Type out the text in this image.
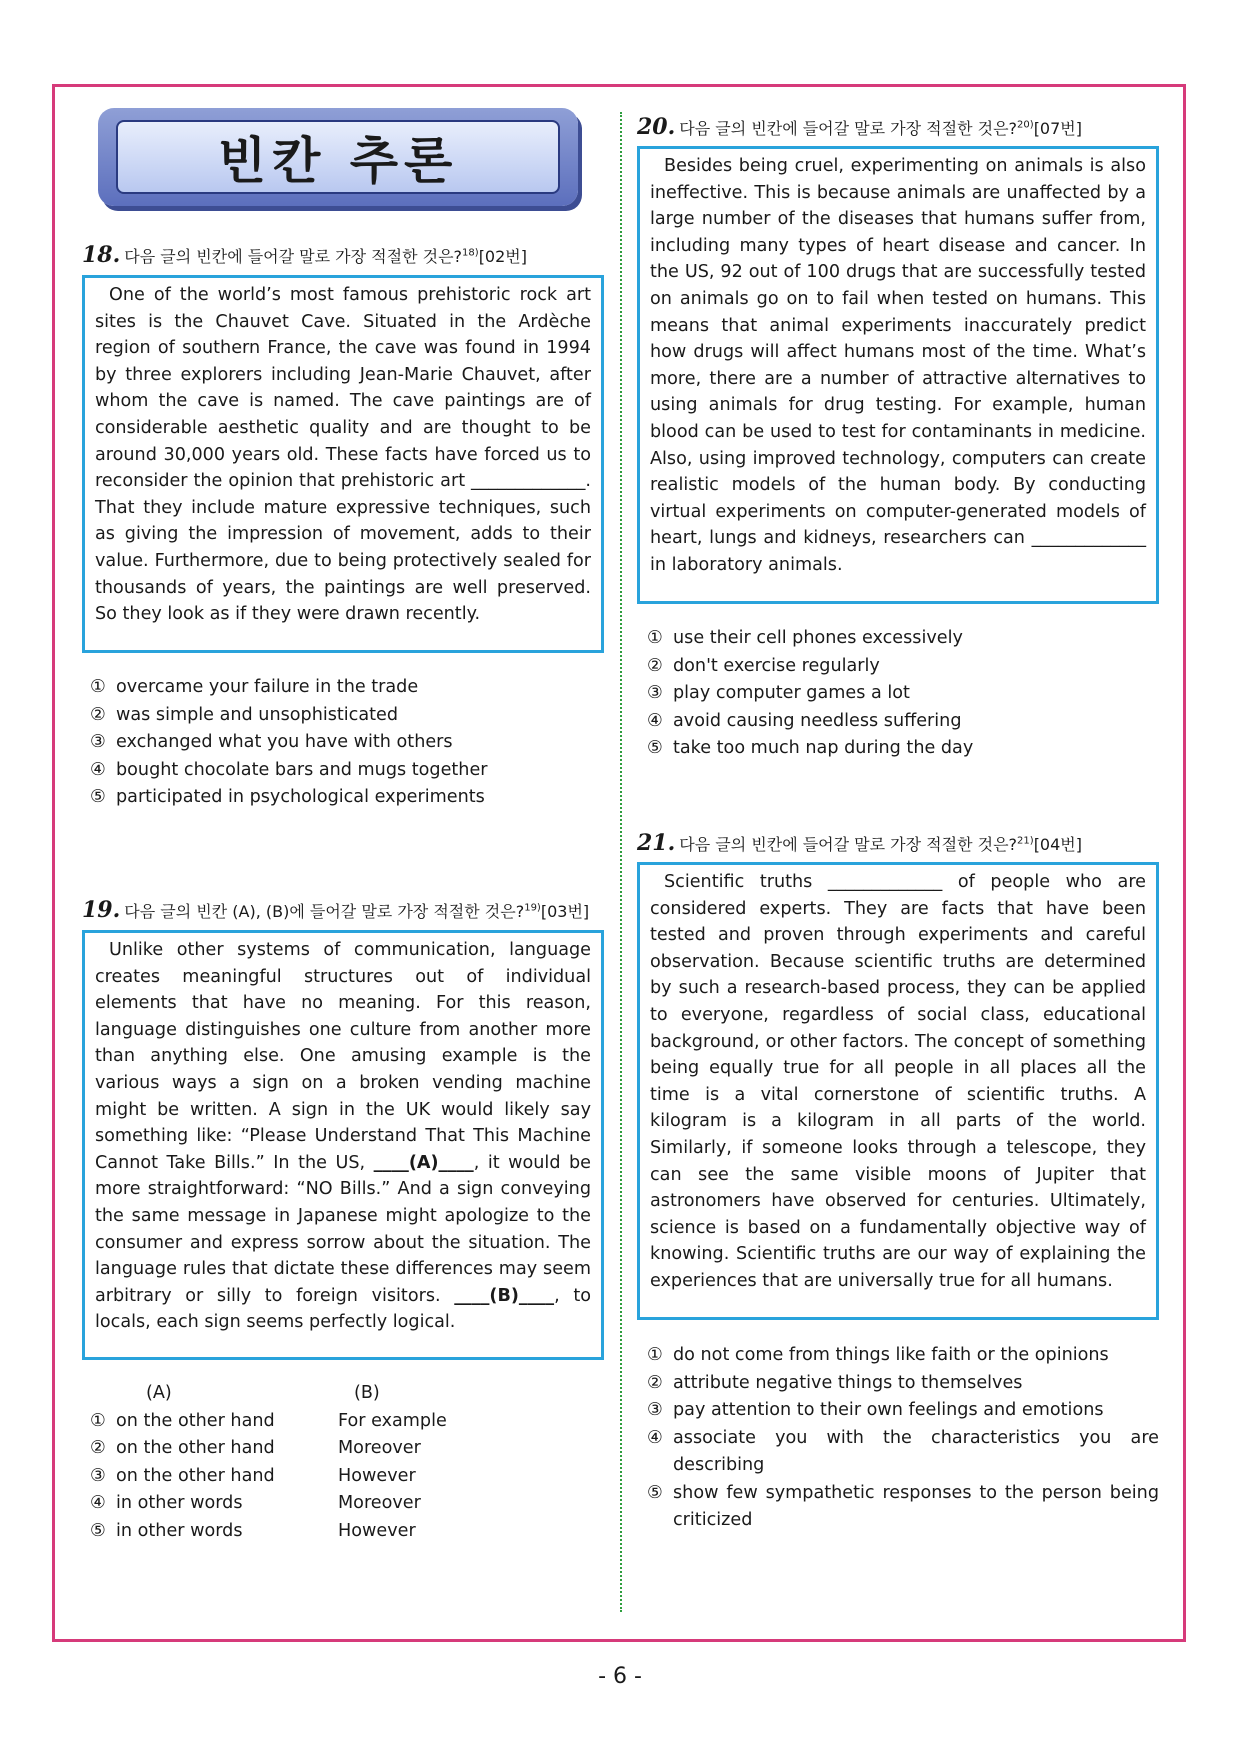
빈칸 추론
18. 다음 글의 빈칸에 들어갈 말로 가장 적절한 것은?$^{18)}$[02번]

One of the world’s most famous prehistoric rock art sites is the Chauvet Cave. Situated in the Ardèche region of southern France, the cave was found in 1994 by three explorers including Jean-Marie Chauvet, after whom the cave is named. The cave paintings are of considerable aesthetic quality and are thought to be around 30,000 years old. These facts have forced us to reconsider the opinion that prehistoric art _____________. That they include mature expressive techniques, such as giving the impression of movement, adds to their value. Furthermore, due to being protectively sealed for thousands of years, the paintings are well preserved. So they look as if they were drawn recently.

① overcame your failure in the trade
② was simple and unsophisticated
③ exchanged what you have with others
④ bought chocolate bars and mugs together
⑤ participated in psychological experiments
19. 다음 글의 빈칸 (A), (B)에 들어갈 말로 가장 적절한 것은?$^{19)}$[03번]

Unlike other systems of communication, language creates meaningful structures out of individual elements that have no meaning. For this reason, language distinguishes one culture from another more than anything else. One amusing example is the various ways a sign on a broken vending machine might be written. A sign in the UK would likely say something like: “Please Understand That This Machine Cannot Take Bills.” In the US, ____(A)____, it would be more straightforward: “NO Bills.” And a sign conveying the same message in Japanese might apologize to the consumer and express sorrow about the situation. The language rules that dictate these differences may seem arbitrary or silly to foreign visitors. ____(B)____, to locals, each sign seems perfectly logical.

(A)	(B)
① on the other hand	For example
② on the other hand	Moreover
③ on the other hand	However
④ in other words	Moreover
⑤ in other words	However
20. 다음 글의 빈칸에 들어갈 말로 가장 적절한 것은?$^{20)}$[07번]

Besides being cruel, experimenting on animals is also ineffective. This is because animals are unaffected by a large number of the diseases that humans suffer from, including many types of heart disease and cancer. In the US, 92 out of 100 drugs that are successfully tested on animals go on to fail when tested on humans. This means that animal experiments inaccurately predict how drugs will affect humans most of the time. What’s more, there are a number of attractive alternatives to using animals for drug testing. For example, human blood can be used to test for contaminants in medicine. Also, using improved technology, computers can create realistic models of the human body. By conducting virtual experiments on computer-generated models of heart, lungs and kidneys, researchers can _____________ in laboratory animals.

① use their cell phones excessively
② don't exercise regularly
③ play computer games a lot
④ avoid causing needless suffering
⑤ take too much nap during the day
21. 다음 글의 빈칸에 들어갈 말로 가장 적절한 것은?$^{21)}$[04번]

Scientific truths _____________ of people who are considered experts. They are facts that have been tested and proven through experiments and careful observation. Because scientific truths are determined by such a research-based process, they can be applied to everyone, regardless of social class, educational background, or other factors. The concept of something being equally true for all people in all places all the time is a vital cornerstone of scientific truths. A kilogram is a kilogram in all parts of the world. Similarly, if someone looks through a telescope, they can see the same visible moons of Jupiter that astronomers have observed for centuries. Ultimately, science is based on a fundamentally objective way of knowing. Scientific truths are our way of explaining the experiences that are universally true for all humans.

① do not come from things like faith or the opinions
② attribute negative things to themselves
③ pay attention to their own feelings and emotions
④ associate you with the characteristics you are describing
⑤ show few sympathetic responses to the person being criticized
- 6 -
